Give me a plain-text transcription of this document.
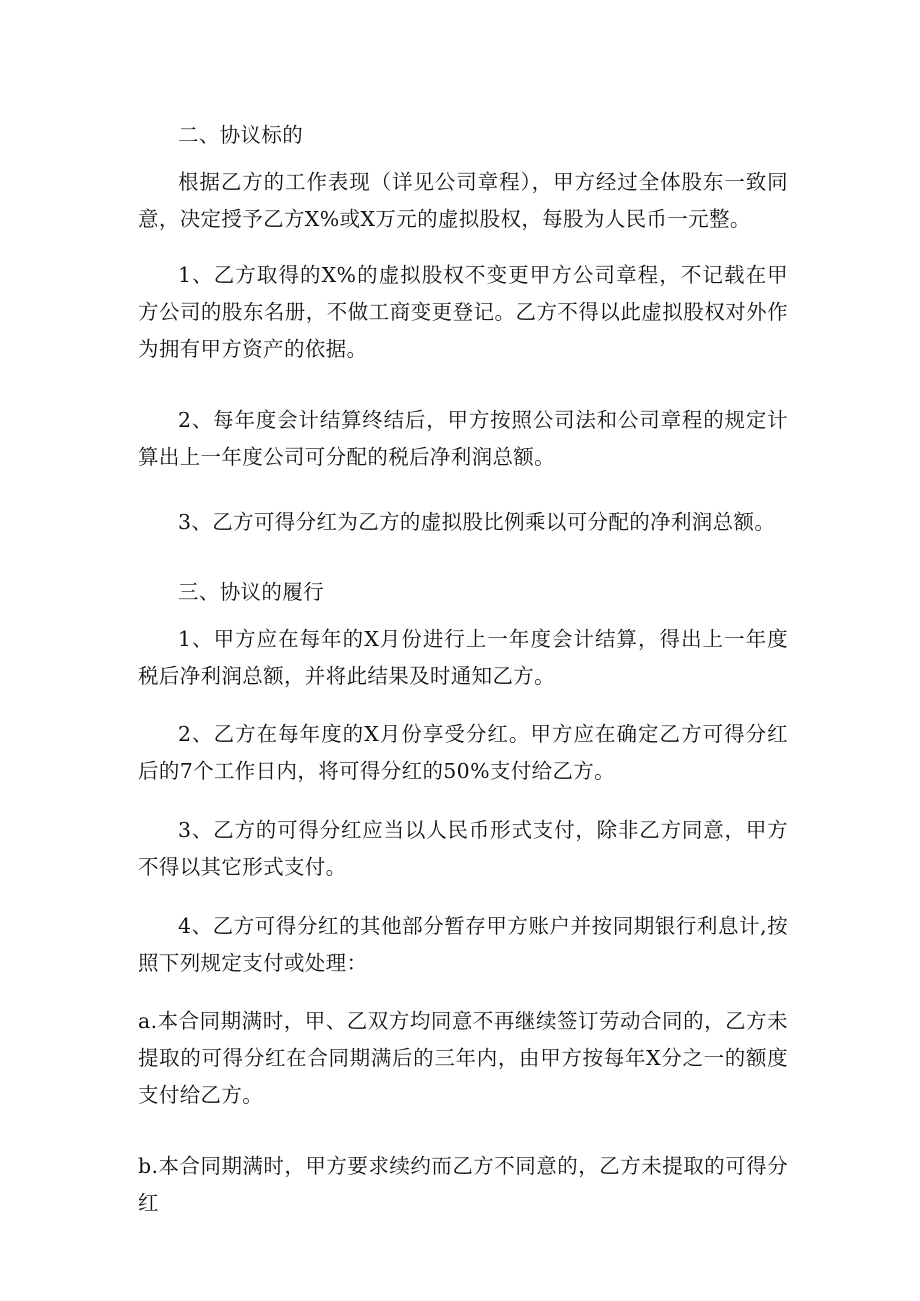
二、协议标的

根据乙方的工作表现（详见公司章程），甲方经过全体股东一致同意，决定授予乙方X%或X万元的虚拟股权，每股为人民币一元整。

1、乙方取得的X%的虚拟股权不变更甲方公司章程，不记载在甲方公司的股东名册，不做工商变更登记。乙方不得以此虚拟股权对外作为拥有甲方资产的依据。

2、每年度会计结算终结后，甲方按照公司法和公司章程的规定计算出上一年度公司可分配的税后净利润总额。

3、乙方可得分红为乙方的虚拟股比例乘以可分配的净利润总额。

三、协议的履行

1、甲方应在每年的X月份进行上一年度会计结算，得出上一年度税后净利润总额，并将此结果及时通知乙方。

2、乙方在每年度的X月份享受分红。甲方应在确定乙方可得分红后的7个工作日内，将可得分红的50%支付给乙方。

3、乙方的可得分红应当以人民币形式支付，除非乙方同意，甲方不得以其它形式支付。

4、乙方可得分红的其他部分暂存甲方账户并按同期银行利息计,按照下列规定支付或处理：

a.本合同期满时，甲、乙双方均同意不再继续签订劳动合同的，乙方未提取的可得分红在合同期满后的三年内，由甲方按每年X分之一的额度支付给乙方。

b.本合同期满时，甲方要求续约而乙方不同意的，乙方未提取的可得分红
